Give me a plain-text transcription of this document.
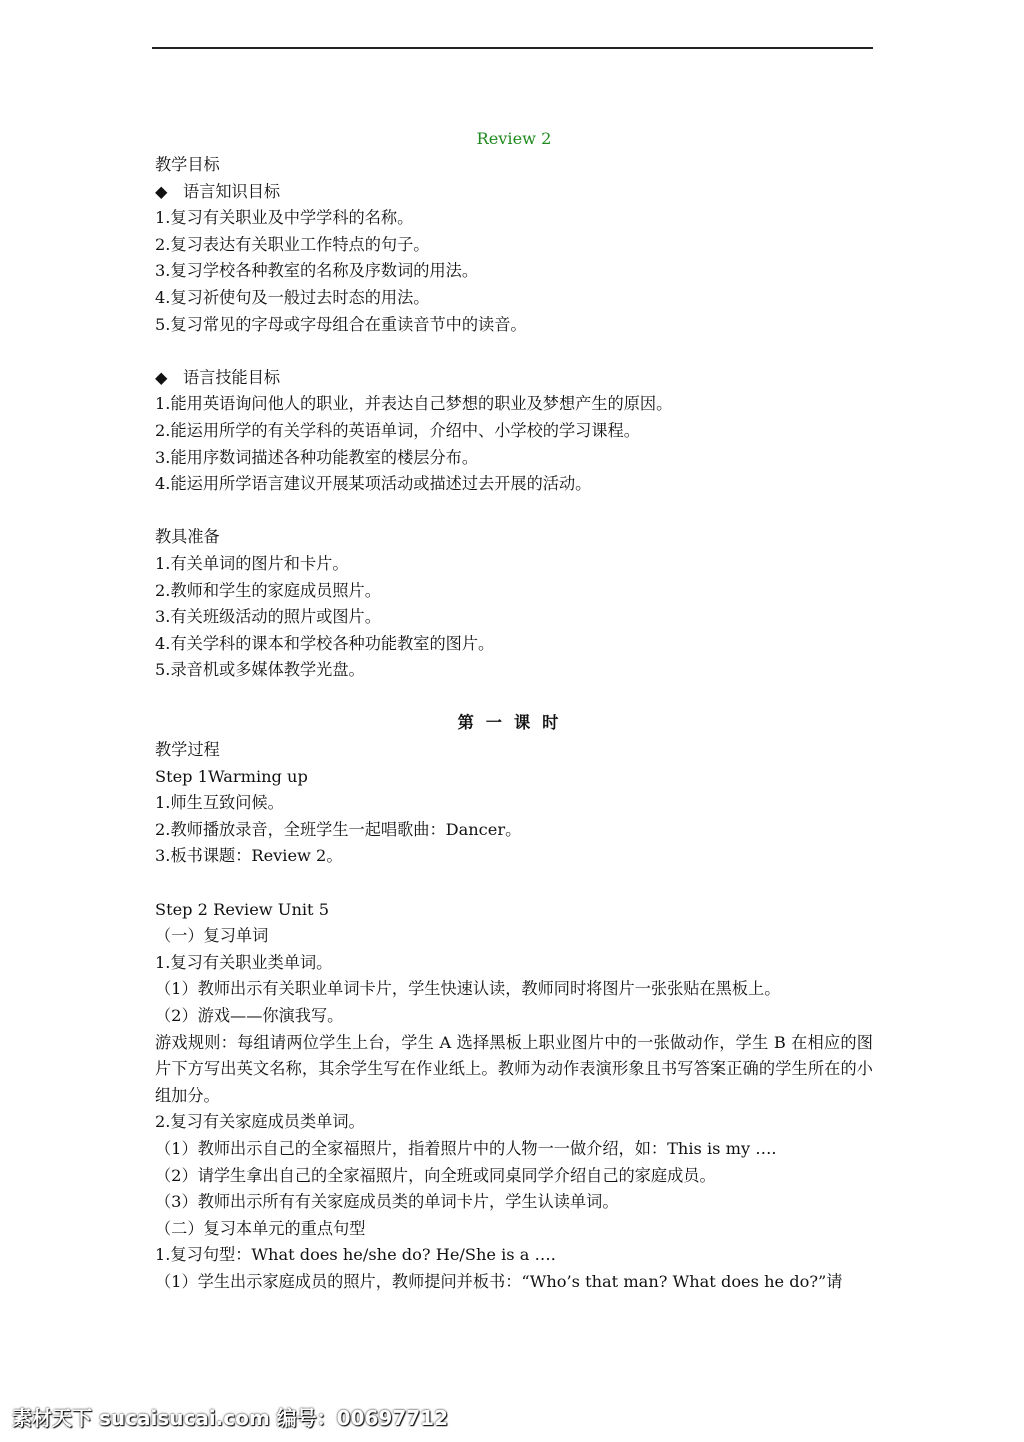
Review 2
教学目标
◆ 语言知识目标
1.复习有关职业及中学学科的名称。
2.复习表达有关职业工作特点的句子。
3.复习学校各种教室的名称及序数词的用法。
4.复习祈使句及一般过去时态的用法。
5.复习常见的字母或字母组合在重读音节中的读音。
◆ 语言技能目标
1.能用英语询问他人的职业，并表达自己梦想的职业及梦想产生的原因。
2.能运用所学的有关学科的英语单词，介绍中、小学校的学习课程。
3.能用序数词描述各种功能教室的楼层分布。
4.能运用所学语言建议开展某项活动或描述过去开展的活动。
教具准备
1.有关单词的图片和卡片。
2.教师和学生的家庭成员照片。
3.有关班级活动的照片或图片。
4.有关学科的课本和学校各种功能教室的图片。
5.录音机或多媒体教学光盘。
第一课时
教学过程
Step 1Warming up
1.师生互致问候。
2.教师播放录音，全班学生一起唱歌曲：Dancer。
3.板书课题：Review 2。
Step 2 Review Unit 5
（一）复习单词
1.复习有关职业类单词。
（1）教师出示有关职业单词卡片，学生快速认读，教师同时将图片一张张贴在黑板上。
（2）游戏——你演我写。
游戏规则：每组请两位学生上台，学生 A 选择黑板上职业图片中的一张做动作，学生 B 在相应的图片下方写出英文名称，其余学生写在作业纸上。教师为动作表演形象且书写答案正确的学生所在的小组加分。
2.复习有关家庭成员类单词。
（1）教师出示自己的全家福照片，指着照片中的人物一一做介绍，如：This is my ….
（2）请学生拿出自己的全家福照片，向全班或同桌同学介绍自己的家庭成员。
（3）教师出示所有有关家庭成员类的单词卡片，学生认读单词。
（二）复习本单元的重点句型
1.复习句型：What does he/she do? He/She is a …．
（1）学生出示家庭成员的照片，教师提问并板书：“Who’s that man? What does he do?”请
素材天下 sucaisucai.com 编号：00697712
